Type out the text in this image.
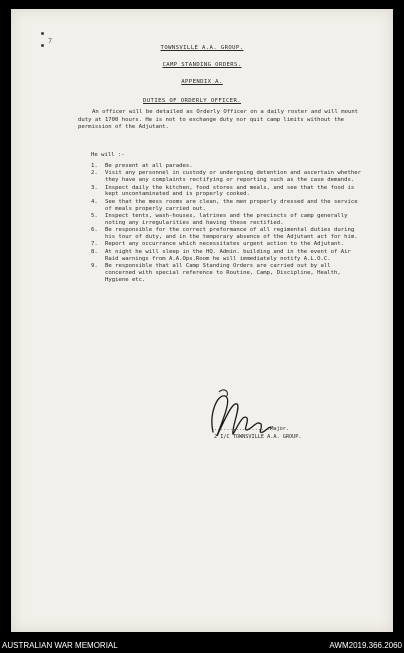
7
TOWNSVILLE A.A. GROUP.
CAMP STANDING ORDERS.
APPENDIX A.
DUTIES OF ORDERLY OFFICER.

An officer will be detailed as Orderly Officer on a daily roster and will mount duty at 1700 hours. He is not to exchange duty nor quit camp limits without the permission of the Adjutant.

He will :-
1. Be present at all parades.
2. Visit any personnel in custody or undergoing detention and ascertain whether they have any complaints rectifying or reporting such as the case demands.
3. Inspect daily the kitchen, food stores and meals, and see that the food is kept uncontaminated and is properly cooked.
4. See that the mess rooms are clean, the men properly dressed and the service of meals properly carried out.
5. Inspect tents, wash-houses, latrines and the precincts of camp generally noting any irregularities and having these rectified.
6. Be responsible for the correct preformance of all regimental duties during his tour of duty, and in the temporary absence of the Adjutant act for him.
7. Report any occurrance which necessitates urgent action to the Adjutant.
8. At night he will sleep in the HQ. Admin. building and in the event of Air Raid warnings from A.A.Ops.Room he will immediately notify A.L.O.C.
9. Be responsible that all Camp Standing Orders are carried out by all concerned with special reference to Routine, Camp, Discipline, Health, Hygiene etc.
..................Major.
2 I/C TOWNSVILLE A.A. GROUP.
AUSTRALIAN WAR MEMORIAL	AWM2019.366.2060
